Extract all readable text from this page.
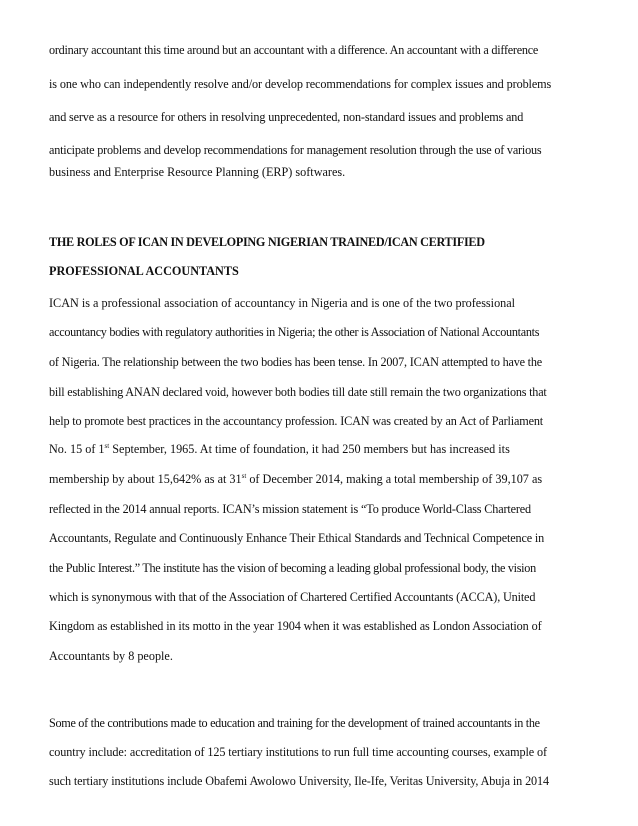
ordinary accountant this time around but an accountant with a difference. An accountant with a difference
is one who can independently resolve and/or develop recommendations for complex issues and problems
and serve as a resource for others in resolving unprecedented, non-standard issues and problems and
anticipate problems and develop recommendations for management resolution through the use of various
business and Enterprise Resource Planning (ERP) softwares.
THE ROLES OF ICAN IN DEVELOPING NIGERIAN TRAINED/ICAN CERTIFIED
PROFESSIONAL ACCOUNTANTS
ICAN is a professional association of accountancy in Nigeria and is one of the two professional
accountancy bodies with regulatory authorities in Nigeria; the other is Association of National Accountants
of Nigeria. The relationship between the two bodies has been tense. In 2007, ICAN attempted to have the
bill establishing ANAN declared void, however both bodies till date still remain the two organizations that
help to promote best practices in the accountancy profession. ICAN was created by an Act of Parliament
No. 15 of 1st September, 1965. At time of foundation, it had 250 members but has increased its
membership by about 15,642% as at 31st of December 2014, making a total membership of 39,107 as
reflected in the 2014 annual reports. ICAN’s mission statement is “To produce World-Class Chartered
Accountants, Regulate and Continuously Enhance Their Ethical Standards and Technical Competence in
the Public Interest.” The institute has the vision of becoming a leading global professional body, the vision
which is synonymous with that of the Association of Chartered Certified Accountants (ACCA), United
Kingdom as established in its motto in the year 1904 when it was established as London Association of
Accountants by 8 people.
Some of the contributions made to education and training for the development of trained accountants in the
country include: accreditation of 125 tertiary institutions to run full time accounting courses, example of
such tertiary institutions include Obafemi Awolowo University, Ile-Ife, Veritas University, Abuja in 2014
